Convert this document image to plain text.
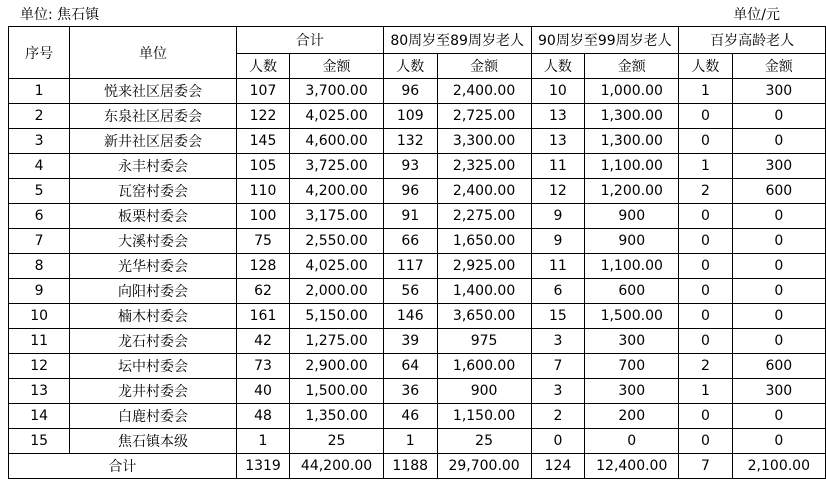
单位: 焦石镇	单位/元
序号	单位	合计		80周岁至89周岁老人		90周岁至99周岁老人		百岁高龄老人	
		人数	金额	人数	金额	人数	金额	人数	金额
1	悦来社区居委会	107	3,700.00	96	2,400.00	10	1,000.00	1	300
2	东泉社区居委会	122	4,025.00	109	2,725.00	13	1,300.00	0	0
3	新井社区居委会	145	4,600.00	132	3,300.00	13	1,300.00	0	0
4	永丰村委会	105	3,725.00	93	2,325.00	11	1,100.00	1	300
5	瓦窑村委会	110	4,200.00	96	2,400.00	12	1,200.00	2	600
6	板栗村委会	100	3,175.00	91	2,275.00	9	900	0	0
7	大溪村委会	75	2,550.00	66	1,650.00	9	900	0	0
8	光华村委会	128	4,025.00	117	2,925.00	11	1,100.00	0	0
9	向阳村委会	62	2,000.00	56	1,400.00	6	600	0	0
10	楠木村委会	161	5,150.00	146	3,650.00	15	1,500.00	0	0
11	龙石村委会	42	1,275.00	39	975	3	300	0	0
12	坛中村委会	73	2,900.00	64	1,600.00	7	700	2	600
13	龙井村委会	40	1,500.00	36	900	3	300	1	300
14	白鹿村委会	48	1,350.00	46	1,150.00	2	200	0	0
15	焦石镇本级	1	25	1	25	0	0	0	0
合计		1319	44,200.00	1188	29,700.00	124	12,400.00	7	2,100.00
